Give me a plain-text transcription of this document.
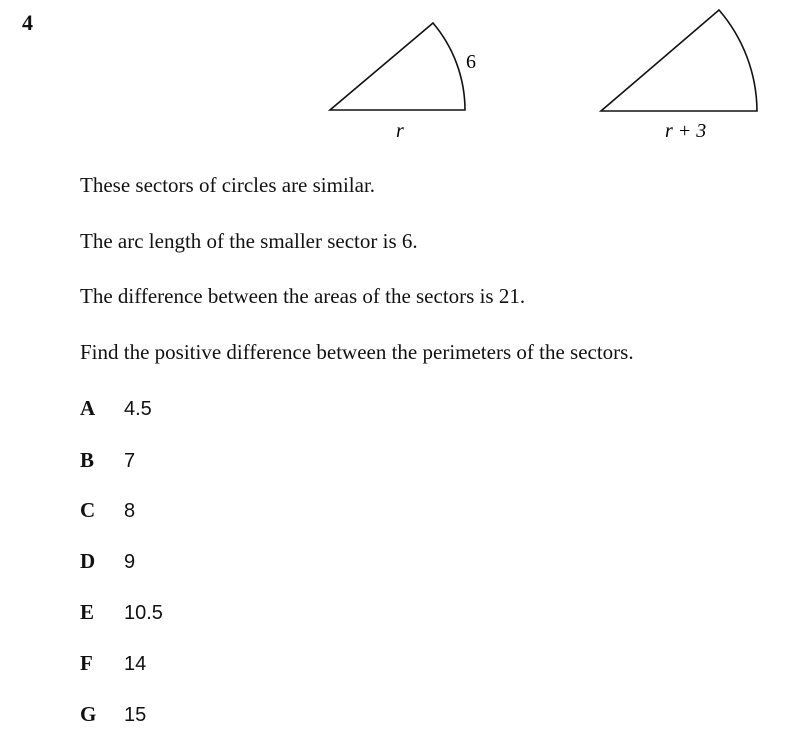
4
6
r	r + 3
These sectors of circles are similar.
The arc length of the smaller sector is 6.
The difference between the areas of the sectors is 21.
Find the positive difference between the perimeters of the sectors.
A 4.5
B 7
C 8
D 9
E 10.5
F 14
G 15
